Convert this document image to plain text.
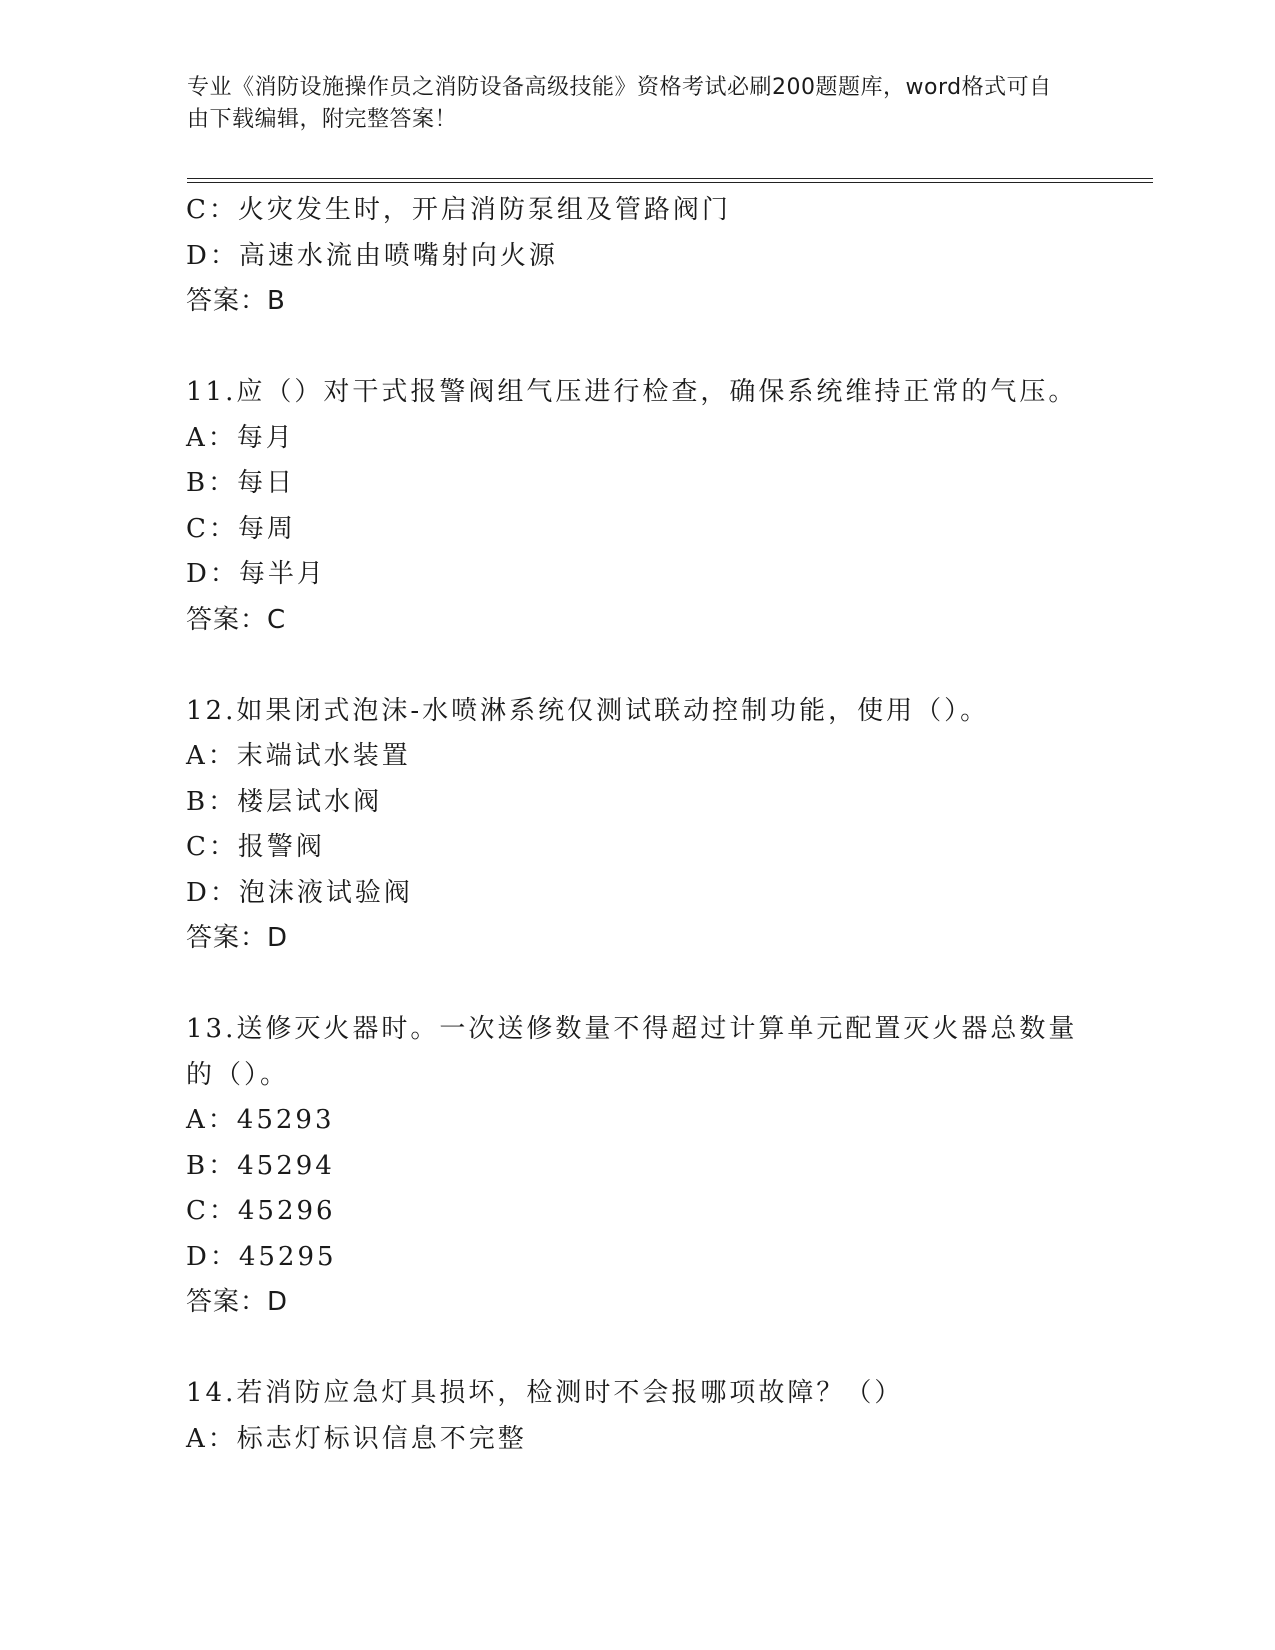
专业《消防设施操作员之消防设备高级技能》资格考试必刷200题题库，word格式可自由下载编辑，附完整答案！
C：火灾发生时，开启消防泵组及管路阀门
D：高速水流由喷嘴射向火源
答案：B
11.应（）对干式报警阀组气压进行检查，确保系统维持正常的气压。
A：每月
B：每日
C：每周
D：每半月
答案：C
12.如果闭式泡沫-水喷淋系统仅测试联动控制功能，使用（）。
A：末端试水装置
B：楼层试水阀
C：报警阀
D：泡沫液试验阀
答案：D
13.送修灭火器时。一次送修数量不得超过计算单元配置灭火器总数量
的（）。
A：45293
B：45294
C：45296
D：45295
答案：D
14.若消防应急灯具损坏，检测时不会报哪项故障？（）
A：标志灯标识信息不完整
